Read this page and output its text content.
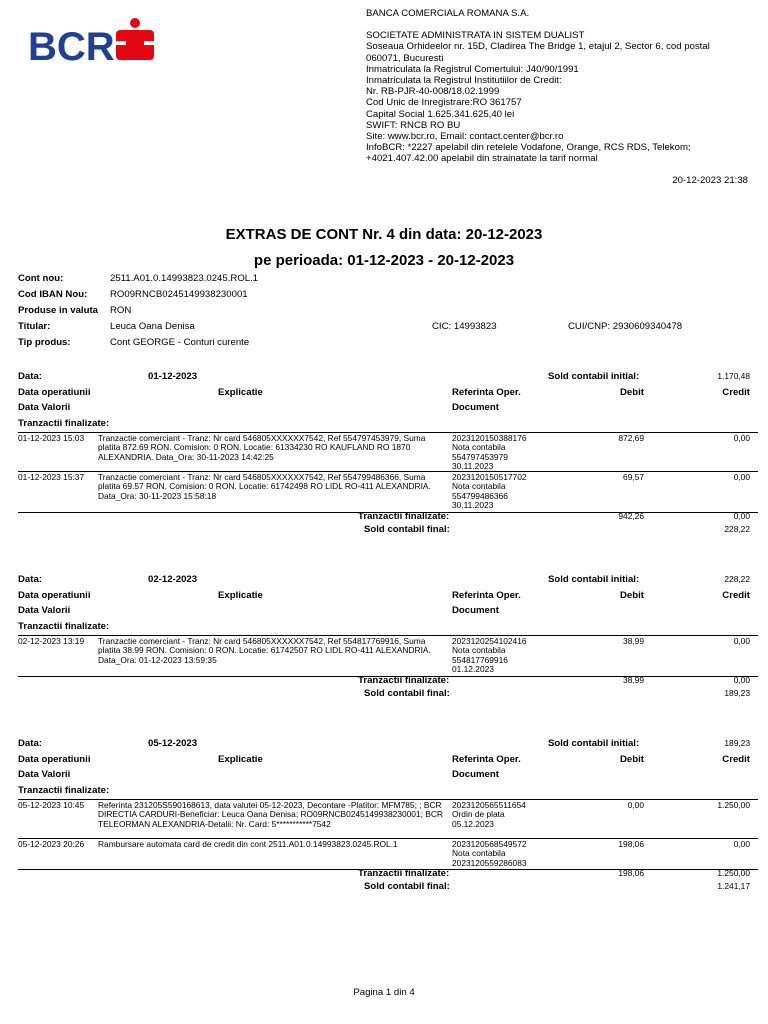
BCR
BANCA COMERCIALA ROMANA S.A.
SOCIETATE ADMINISTRATA IN SISTEM DUALIST
Soseaua Orhideelor nr. 15D, Cladirea The Bridge 1, etajul 2, Sector 6, cod postal
060071, Bucuresti
Inmatriculata la Registrul Comertului: J40/90/1991
Inmatriculata la Registrul Institutiilor de Credit:
Nr. RB-PJR-40-008/18.02.1999
Cod Unic de Inregistrare:RO 361757
Capital Social 1.625.341.625,40 lei
SWIFT: RNCB RO BU
Site: www.bcr.ro, Email: contact.center@bcr.ro
InfoBCR: *2227 apelabil din retelele Vodafone, Orange, RCS RDS, Telekom;
+4021.407.42.00 apelabil din strainatate la tarif normal
20-12-2023 21:38
EXTRAS DE CONT Nr. 4 din data: 20-12-2023
pe perioada: 01-12-2023 - 20-12-2023
Cont nou:	2511.A01.0.14993823.0245.ROL.1
Cod IBAN Nou: RO09RNCB0245149938230001
Produse in valuta RON
Titular:	Leuca Oana Denisa	CIC: 14993823	CUI/CNP: 2930609340478
Tip produs:	Cont GEORGE - Conturi curente
Data:	01-12-2023	Sold contabil initial:	1.170,48
Data operatiunii	Explicatie	Referinta Oper.	Debit	Credit
Data Valorii	Document
Tranzactii finalizate:
01-12-2023 15:03	Tranzactie comerciant - Tranz: Nr card 546805XXXXXX7542, Ref 554797453979, Suma platita 872.69 RON. Comision: 0 RON. Locatie: 61334230 RO KAUFLAND RO 1870 ALEXANDRIA. Data_Ora: 30-11-2023 14:42:25
2023120150388176
Nota contabila
554797453979
30.11.2023
872,69	0,00
01-12-2023 15:37	Tranzactie comerciant - Tranz: Nr card 546805XXXXXX7542, Ref 554799486366, Suma platita 69.57 RON. Comision: 0 RON. Locatie: 61742498 RO LIDL RO-411 ALEXANDRIA. Data_Ora: 30-11-2023 15:58:18
2023120150517702
Nota contabila
554799486366
30.11.2023
69,57	0,00
Tranzactii finalizate:	942,26	0,00
Sold contabil final:	228,22
Data:	02-12-2023	Sold contabil initial:	228,22
Data operatiunii	Explicatie	Referinta Oper.	Debit	Credit
Data Valorii	Document
Tranzactii finalizate:
02-12-2023 13:19	Tranzactie comerciant - Tranz: Nr card 546805XXXXXX7542, Ref 554817769916, Suma platita 38.99 RON. Comision: 0 RON. Locatie: 61742507 RO LIDL RO-411 ALEXANDRIA. Data_Ora: 01-12-2023 13:59:35
2023120254102416
Nota contabila
554817769916
01.12.2023
38,99	0,00
Tranzactii finalizate:	38,99	0,00
Sold contabil final:	189,23
Data:	05-12-2023	Sold contabil initial:	189,23
Data operatiunii	Explicatie	Referinta Oper.	Debit	Credit
Data Valorii	Document
Tranzactii finalizate:
05-12-2023 10:45	Referinta 231205S590168613, data valutei 05-12-2023, Decontare -Platitor: MFM785; ; BCR DIRECTIA CARDURI-Beneficiar: Leuca Oana Denisa; RO09RNCB0245149938230001; BCR TELEORMAN ALEXANDRIA-Detalii: Nr. Card: 5***********7542
2023120565511654
Ordin de plata
05.12.2023
0,00	1.250,00
05-12-2023 20:26	Rambursare automata card de credit din cont 2511.A01.0.14993823.0245.ROL.1	2023120568549572
Nota contabila
2023120559286083
198,06	0,00
Tranzactii finalizate:	198,06	1.250,00
Sold contabil final:	1.241,17
Pagina 1 din 4
